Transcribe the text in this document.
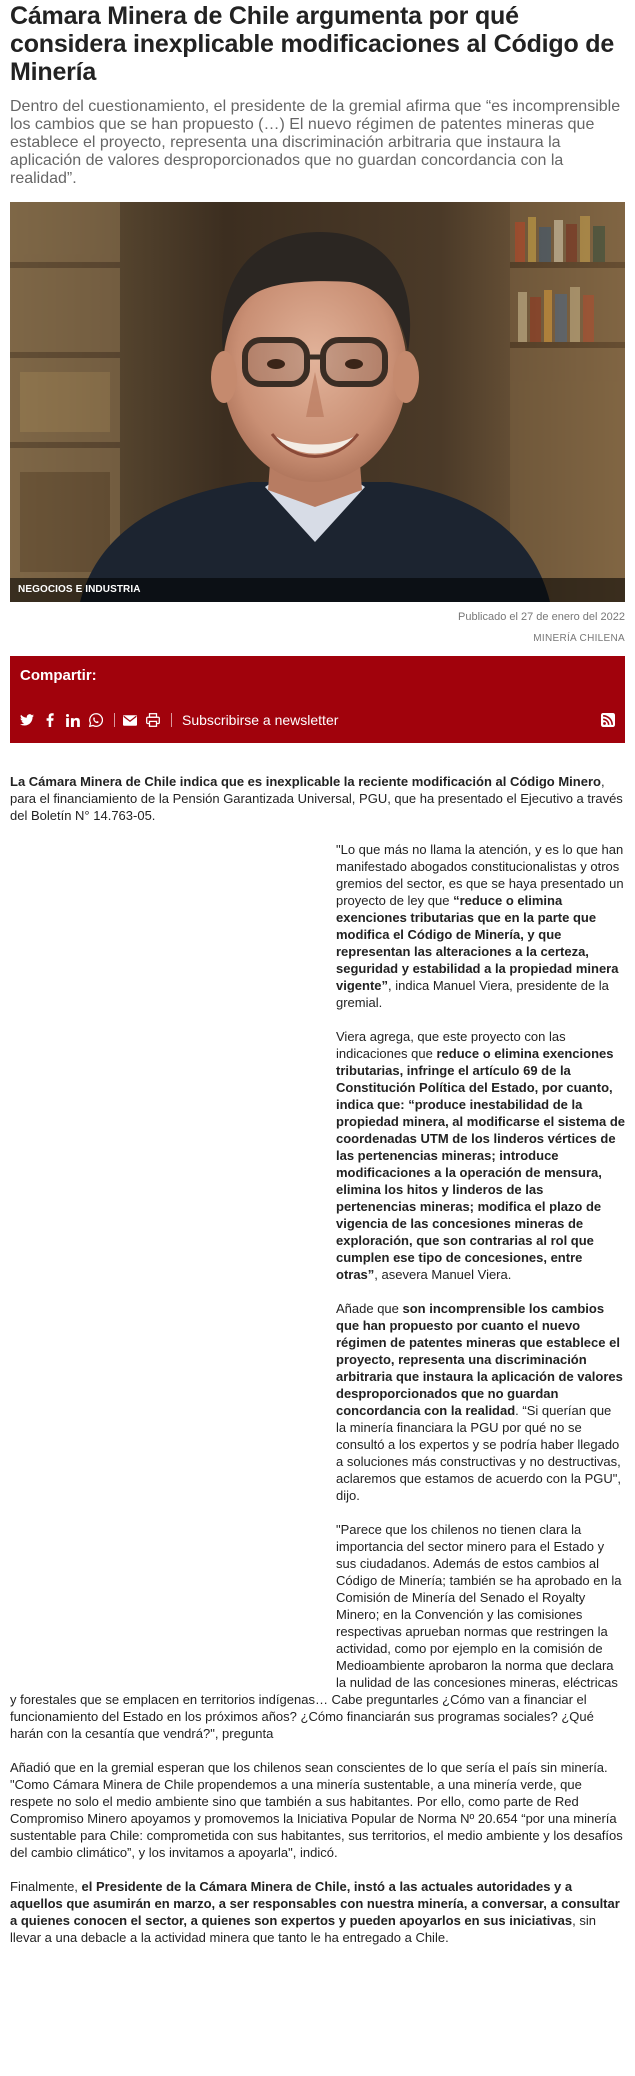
Cámara Minera de Chile argumenta por qué considera inexplicable modificaciones al Código de Minería

Dentro del cuestionamiento, el presidente de la gremial afirma que “es incomprensible los cambios que se han propuesto (…) El nuevo régimen de patentes mineras que establece el proyecto, representa una discriminación arbitraria que instaura la aplicación de valores desproporcionados que no guardan concordancia con la realidad”.

NEGOCIOS E INDUSTRIA
Publicado el 27 de enero del 2022
MINERÍA CHILENA
Compartir:
Subscribirse a newsletter

La Cámara Minera de Chile indica que es inexplicable la reciente modificación al Código Minero, para el financiamiento de la Pensión Garantizada Universal, PGU, que ha presentado el Ejecutivo a través del Boletín N° 14.763-05.

"Lo que más no llama la atención, y es lo que han manifestado abogados constitucionalistas y otros gremios del sector, es que se haya presentado un proyecto de ley que “reduce o elimina exenciones tributarias que en la parte que modifica el Código de Minería, y que representan las alteraciones a la certeza, seguridad y estabilidad a la propiedad minera vigente”, indica Manuel Viera, presidente de la gremial.

Viera agrega, que este proyecto con las indicaciones que reduce o elimina exenciones tributarias, infringe el artículo 69 de la Constitución Política del Estado, por cuanto, indica que: “produce inestabilidad de la propiedad minera, al modificarse el sistema de coordenadas UTM de los linderos vértices de las pertenencias mineras; introduce modificaciones a la operación de mensura, elimina los hitos y linderos de las pertenencias mineras; modifica el plazo de vigencia de las concesiones mineras de exploración, que son contrarias al rol que cumplen ese tipo de concesiones, entre otras”, asevera Manuel Viera.

Añade que son incomprensible los cambios que han propuesto por cuanto el nuevo régimen de patentes mineras que establece el proyecto, representa una discriminación arbitraria que instaura la aplicación de valores desproporcionados que no guardan concordancia con la realidad. “Si querían que la minería financiara la PGU por qué no se consultó a los expertos y se podría haber llegado a soluciones más constructivas y no destructivas, aclaremos que estamos de acuerdo con la PGU", dijo.

"Parece que los chilenos no tienen clara la importancia del sector minero para el Estado y sus ciudadanos. Además de estos cambios al Código de Minería; también se ha aprobado en la Comisión de Minería del Senado el Royalty Minero; en la Convención y las comisiones respectivas aprueban normas que restringen la actividad, como por ejemplo en la comisión de Medioambiente aprobaron la norma que declara la nulidad de las concesiones mineras, eléctricas y forestales que se emplacen en territorios indígenas… Cabe preguntarles ¿Cómo van a financiar el funcionamiento del Estado en los próximos años? ¿Cómo financiarán sus programas sociales? ¿Qué harán con la cesantía que vendrá?", pregunta

Añadió que en la gremial esperan que los chilenos sean conscientes de lo que sería el país sin minería. "Como Cámara Minera de Chile propendemos a una minería sustentable, a una minería verde, que respete no solo el medio ambiente sino que también a sus habitantes. Por ello, como parte de Red Compromiso Minero apoyamos y promovemos la Iniciativa Popular de Norma Nº 20.654 “por una minería sustentable para Chile: comprometida con sus habitantes, sus territorios, el medio ambiente y los desafíos del cambio climático”, y los invitamos a apoyarla", indicó.

Finalmente, el Presidente de la Cámara Minera de Chile, instó a las actuales autoridades y a aquellos que asumirán en marzo, a ser responsables con nuestra minería, a conversar, a consultar a quienes conocen el sector, a quienes son expertos y pueden apoyarlos en sus iniciativas, sin llevar a una debacle a la actividad minera que tanto le ha entregado a Chile.
